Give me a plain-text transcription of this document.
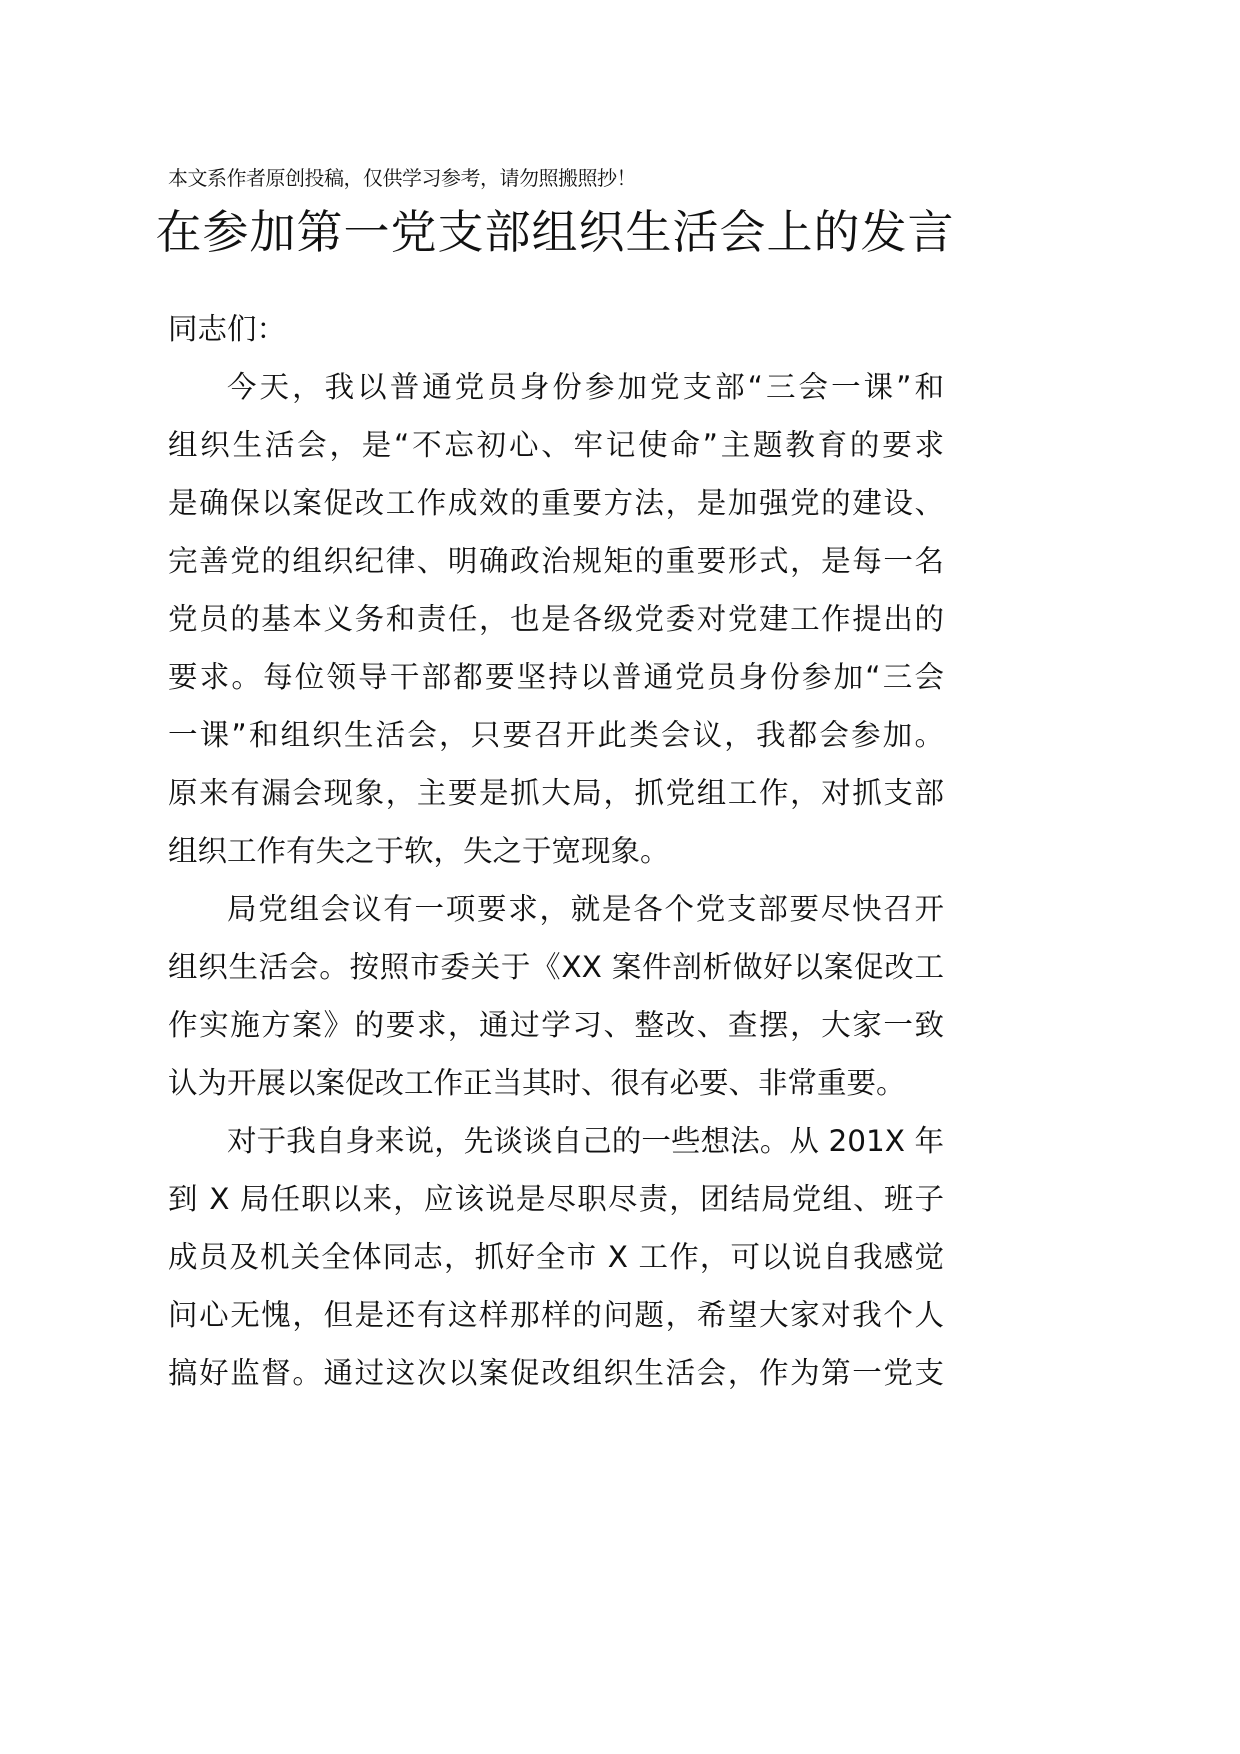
本文系作者原创投稿，仅供学习参考，请勿照搬照抄！
在参加第一党支部组织生活会上的发言

同志们：

今天，我以普通党员身份参加党支部“三会一课”和
组织生活会，是“不忘初心、牢记使命”主题教育的要求
是确保以案促改工作成效的重要方法，是加强党的建设、
完善党的组织纪律、明确政治规矩的重要形式，是每一名
党员的基本义务和责任，也是各级党委对党建工作提出的
要求。每位领导干部都要坚持以普通党员身份参加“三会
一课”和组织生活会，只要召开此类会议，我都会参加。
原来有漏会现象，主要是抓大局，抓党组工作，对抓支部
组织工作有失之于软，失之于宽现象。
局党组会议有一项要求，就是各个党支部要尽快召开
组织生活会。按照市委关于《XX 案件剖析做好以案促改工
作实施方案》的要求，通过学习、整改、查摆，大家一致
认为开展以案促改工作正当其时、很有必要、非常重要。
对于我自身来说，先谈谈自己的一些想法。从 201X 年
到 X 局任职以来，应该说是尽职尽责，团结局党组、班子
成员及机关全体同志，抓好全市 X 工作，可以说自我感觉
问心无愧，但是还有这样那样的问题，希望大家对我个人
搞好监督。通过这次以案促改组织生活会，作为第一党支
